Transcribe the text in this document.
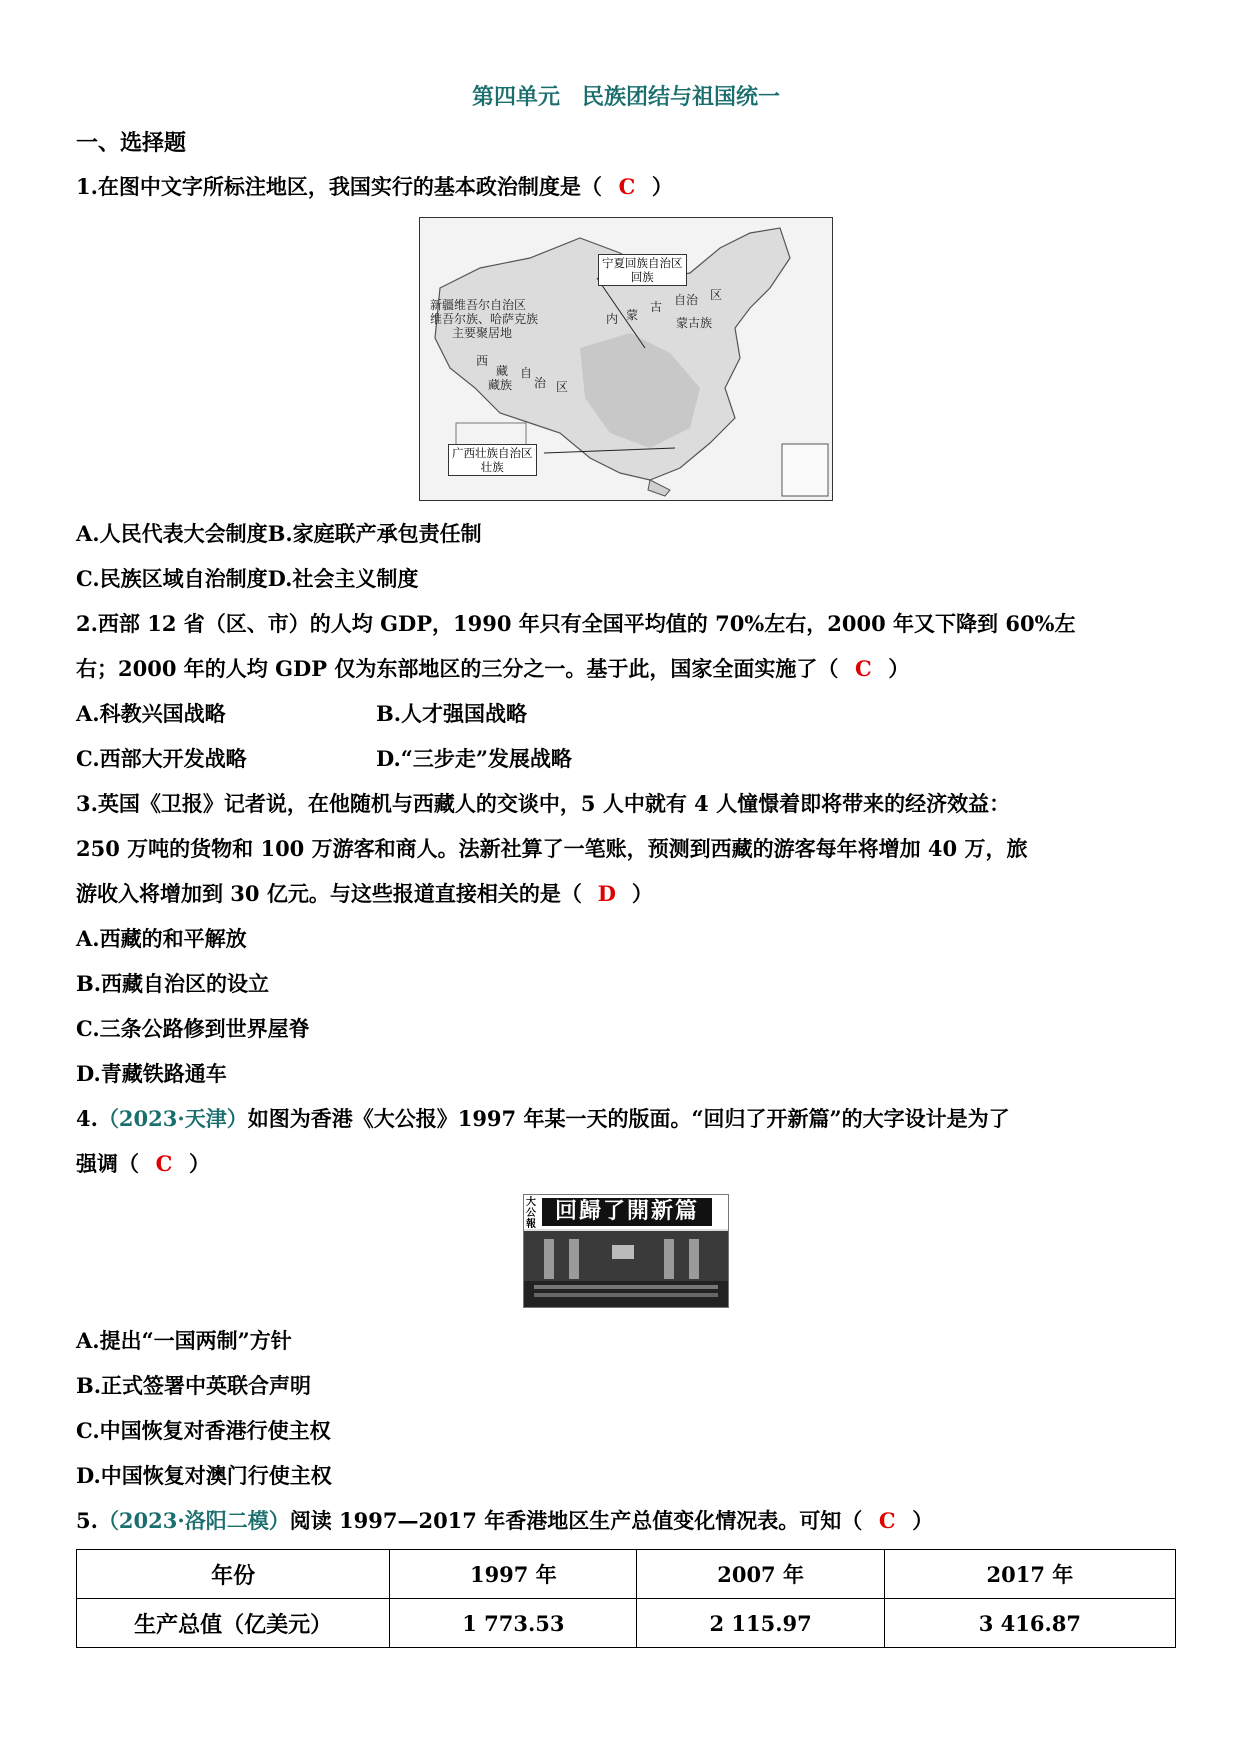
第四单元 民族团结与祖国统一
一、选择题
1.在图中文字所标注地区，我国实行的基本政治制度是（ C ）
宁夏回族自治区
回族
新疆维吾尔自治区
维吾尔族、哈萨克族
主要聚居地
内 蒙
古 自 治 区
蒙古族
西
藏 自
治 区
藏族
广西壮族自治区
壮族
A.人民代表大会制度B.家庭联产承包责任制
C.民族区域自治制度D.社会主义制度
2.西部 12 省（区、市）的人均 GDP，1990 年只有全国平均值的 70%左右，2000 年又下降到 60%左
右；2000 年的人均 GDP 仅为东部地区的三分之一。基于此，国家全面实施了（ C ）
A.科教兴国战略	B.人才强国战略
C.西部大开发战略	D.“三步走”发展战略
3.英国《卫报》记者说，在他随机与西藏人的交谈中，5 人中就有 4 人憧憬着即将带来的经济效益：
250 万吨的货物和 100 万游客和商人。法新社算了一笔账，预测到西藏的游客每年将增加 40 万，旅
游收入将增加到 30 亿元。与这些报道直接相关的是（ D ）
A.西藏的和平解放
B.西藏自治区的设立
C.三条公路修到世界屋脊
D.青藏铁路通车
4.（2023·天津）如图为香港《大公报》1997 年某一天的版面。“回归了开新篇”的大字设计是为了
强调（ C ）
大公報
回歸了開新篇
A.提出“一国两制”方针
B.正式签署中英联合声明
C.中国恢复对香港行使主权
D.中国恢复对澳门行使主权
5.（2023·洛阳二模）阅读 1997—2017 年香港地区生产总值变化情况表。可知（ C ）
年份	1997 年	2007 年	2017 年
生产总值（亿美元）	1 773.53	2 115.97	3 416.87
